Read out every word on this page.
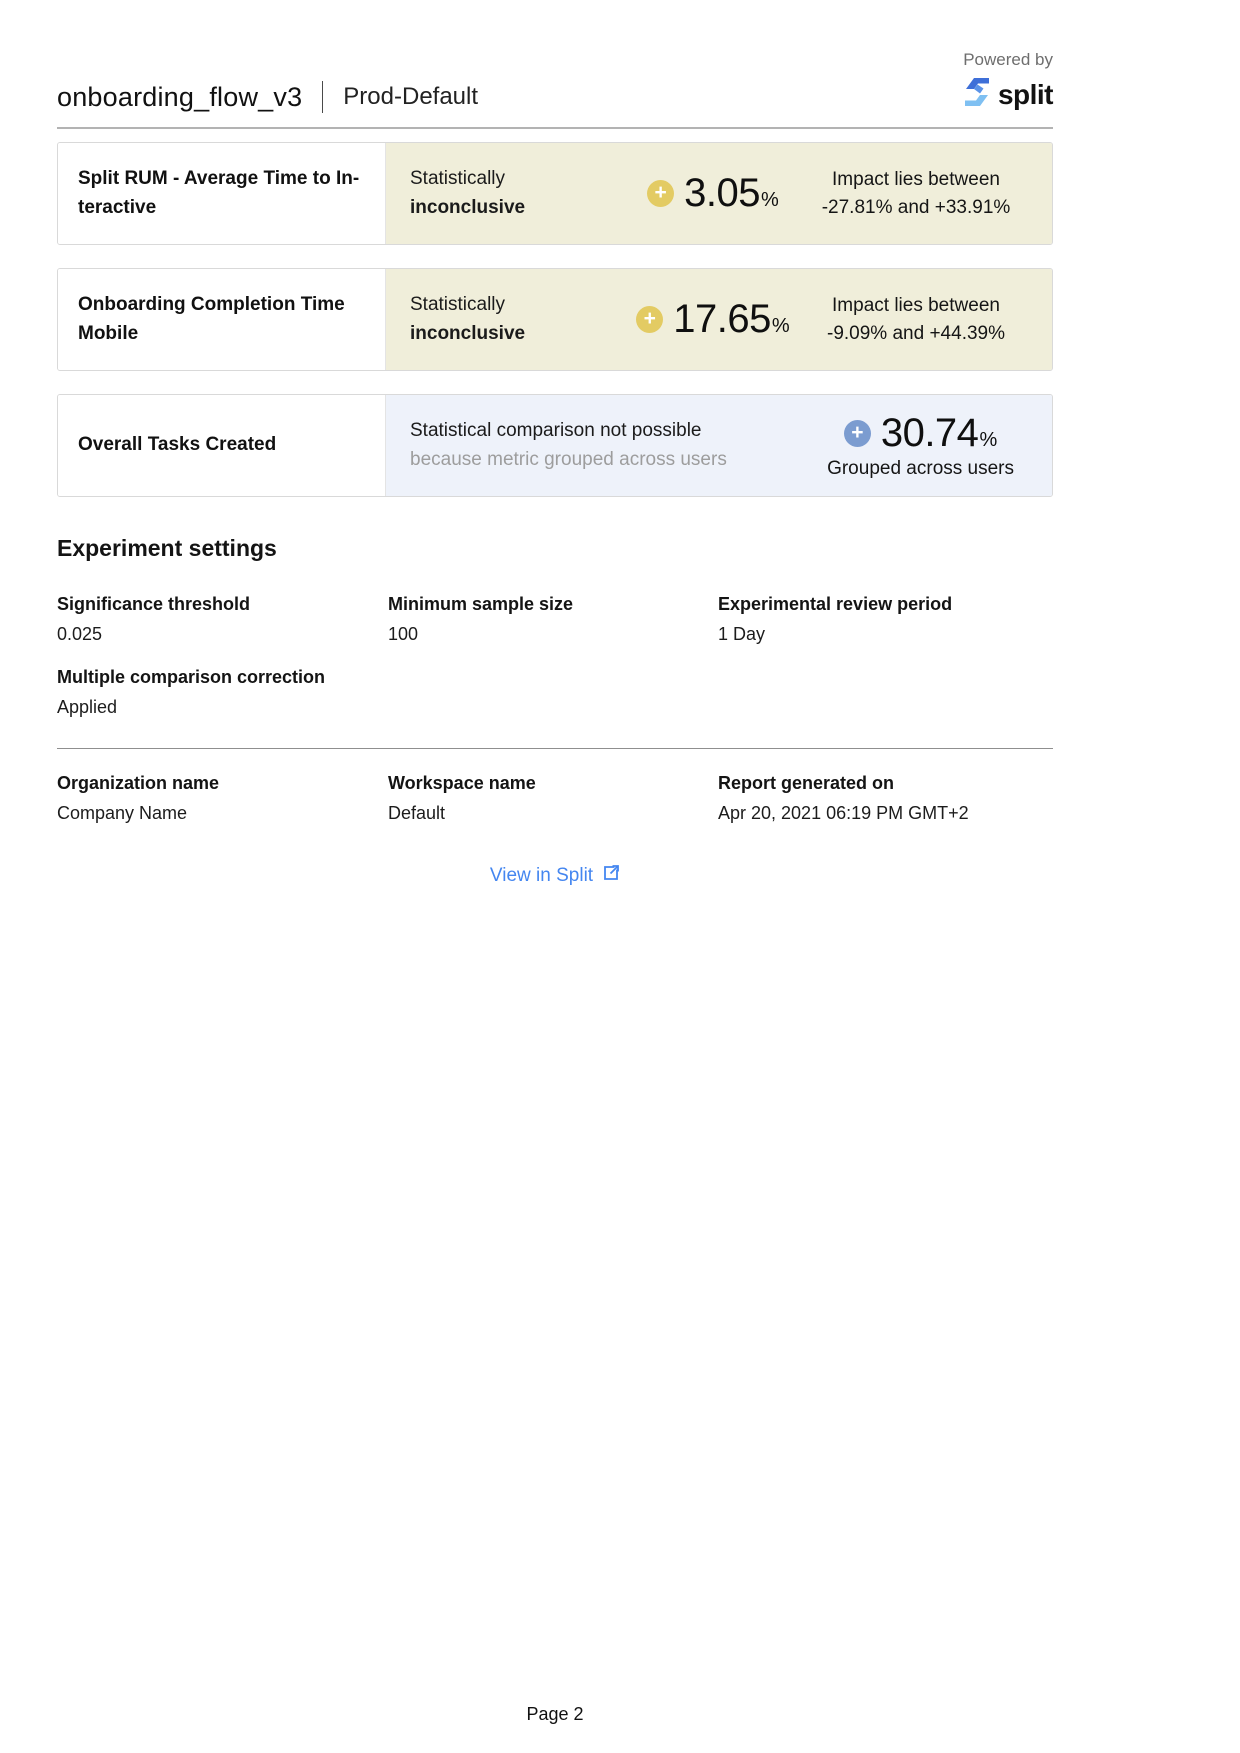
onboarding_flow_v3 Prod-Default
Powered by
split
Split RUM - Average Time to In-
teractive
Statistically
inconclusive
+ 3.05 %
Impact lies between
-27.81% and +33.91%
Onboarding Completion Time
Mobile
Statistically
inconclusive
+ 17.65 %
Impact lies between
-9.09% and +44.39%
Overall Tasks Created
Statistical comparison not possible
because metric grouped across users
+ 30.74 %
Grouped across users
Experiment settings
Significance threshold
0.025
Minimum sample size
100
Experimental review period
1 Day
Multiple comparison correction
Applied
Organization name
Company Name
Workspace name
Default
Report generated on
Apr 20, 2021 06:19 PM GMT+2
View in Split
Page 2
